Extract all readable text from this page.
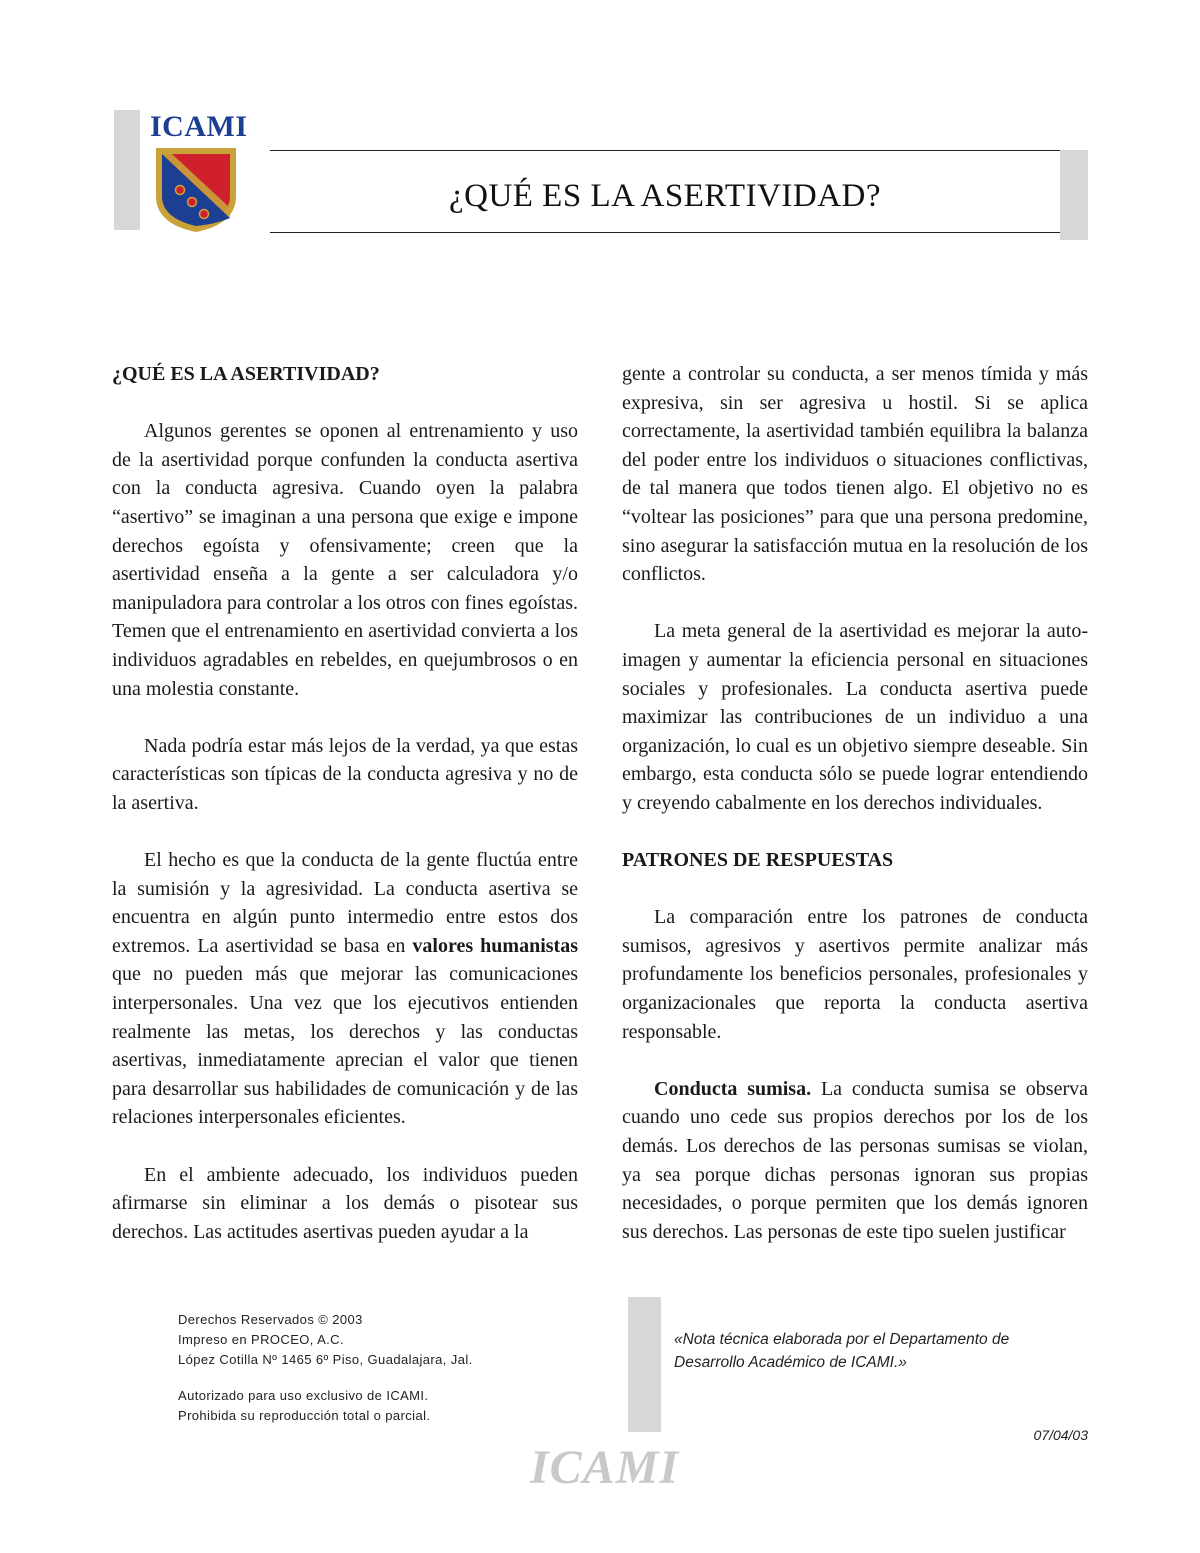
ICAMI
¿QUÉ ES LA ASERTIVIDAD?
¿QUÉ ES LA ASERTIVIDAD?

Algunos gerentes se oponen al entrenamiento y uso de la asertividad porque confunden la conducta asertiva con la conducta agresiva. Cuando oyen la palabra “asertivo” se imaginan a una persona que exige e impone derechos egoísta y ofensivamente; creen que la asertividad enseña a la gente a ser calculadora y/o manipuladora para controlar a los otros con fines egoístas. Temen que el entrenamiento en asertividad convierta a los individuos agradables en rebeldes, en quejumbrosos o en una molestia constante.

Nada podría estar más lejos de la verdad, ya que estas características son típicas de la conducta agresiva y no de la asertiva.

El hecho es que la conducta de la gente fluctúa entre la sumisión y la agresividad. La conducta asertiva se encuentra en algún punto intermedio entre estos dos extremos. La asertividad se basa en valores humanistas que no pueden más que mejorar las comunicaciones interpersonales. Una vez que los ejecutivos entienden realmente las metas, los derechos y las conductas asertivas, inmediatamente aprecian el valor que tienen para desarrollar sus habilidades de comunicación y de las relaciones interpersonales eficientes.

En el ambiente adecuado, los individuos pueden afirmarse sin eliminar a los demás o pisotear sus derechos. Las actitudes asertivas pueden ayudar a la

gente a controlar su conducta, a ser menos tímida y más expresiva, sin ser agresiva u hostil. Si se aplica correctamente, la asertividad también equilibra la balanza del poder entre los individuos o situaciones conflictivas, de tal manera que todos tienen algo. El objetivo no es “voltear las posiciones” para que una persona predomine, sino asegurar la satisfacción mutua en la resolución de los conflictos.

La meta general de la asertividad es mejorar la auto-imagen y aumentar la eficiencia personal en situaciones sociales y profesionales. La conducta asertiva puede maximizar las contribuciones de un individuo a una organización, lo cual es un objetivo siempre deseable. Sin embargo, esta conducta sólo se puede lograr entendiendo y creyendo cabalmente en los derechos individuales.

PATRONES DE RESPUESTAS

La comparación entre los patrones de conducta sumisos, agresivos y asertivos permite analizar más profundamente los beneficios personales, profesionales y organizacionales que reporta la conducta asertiva responsable.

Conducta sumisa. La conducta sumisa se observa cuando uno cede sus propios derechos por los de los demás. Los derechos de las personas sumisas se violan, ya sea porque dichas personas ignoran sus propias necesidades, o porque permiten que los demás ignoren sus derechos. Las personas de este tipo suelen justificar

Derechos Reservados © 2003
Impreso en PROCEO, A.C.
López Cotilla Nº 1465 6º Piso, Guadalajara, Jal.
Autorizado para uso exclusivo de ICAMI.
Prohibida su reproducción total o parcial.
«Nota técnica elaborada por el Departamento de Desarrollo Académico de ICAMI.»
07/04/03
ICAMI
